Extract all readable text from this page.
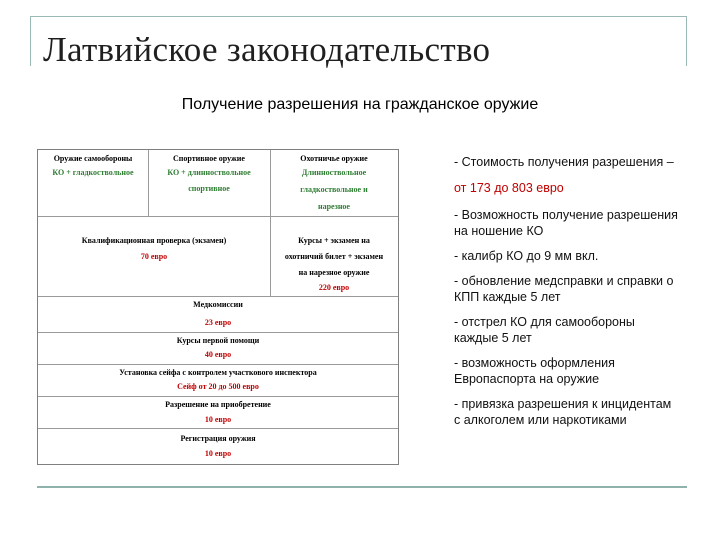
Латвийское законодательство
Получение разрешения на гражданское оружие
Оружие самообороны
КО + гладкоствольное
Спортивное оружие
КО + длинноствольное
спортивное
Охотничье оружие
Длинноствольное
гладкоствольное и
нарезное
Квалификационная проверка (экзамен)
70 евро
Курсы + экзамен на
охотничий билет + экзамен
на нарезное оружие
220 евро
Медкомиссии
23 евро
Курсы первой помощи
40 евро
Установка сейфа с контролем участкового инспектора
Сейф от 20 до 500 евро
Разрешение на приобретение
10 евро
Регистрация оружия
10 евро

- Стоимость получения разрешения –

от 173 до 803 евро

- Возможность получение разрешения на ношение КО

- калибр КО до 9 мм вкл.

- обновление медсправки и справки о КПП каждые 5 лет

- отстрел КО для самообороны каждые 5 лет

- возможность оформления Европаспорта на оружие

- привязка разрешения к инцидентам с алкоголем или наркотиками
